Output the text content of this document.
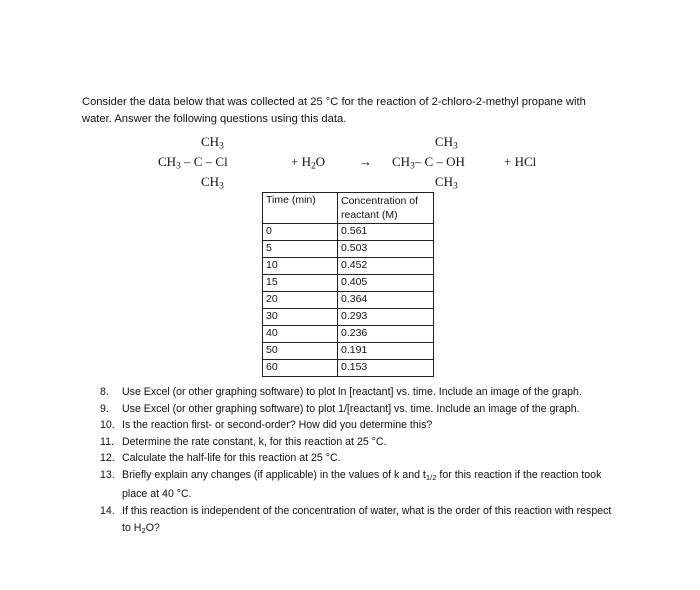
Consider the data below that was collected at 25 °C for the reaction of 2-chloro-2-methyl propane with
water. Answer the following questions using this data.
$CH_3$
$CH_3$ – C – Cl
$CH_3$
+ $H_2O$	→
$CH_3$
$CH_3-$ C – OH
$CH_3$
+ HCl
Time (min)	Concentration of reactant (M)

0	0.561
5	0.503
10	0.452
15	0.405
20	0.364
30	0.293
40	0.236
50	0.191
60	0.153
8. Use Excel (or other graphing software) to plot ln [reactant] vs. time. Include an image of the graph.
9. Use Excel (or other graphing software) to plot 1/[reactant] vs. time. Include an image of the graph.
10. Is the reaction first- or second-order? How did you determine this?
11. Determine the rate constant, k, for this reaction at 25 °C.
12. Calculate the half-life for this reaction at 25 °C.
13. Briefly explain any changes (if applicable) in the values of k and $t_{1/2}$ for this reaction if the reaction took place at 40 °C.
14. If this reaction is independent of the concentration of water, what is the order of this reaction with respect to $H_2O$?
